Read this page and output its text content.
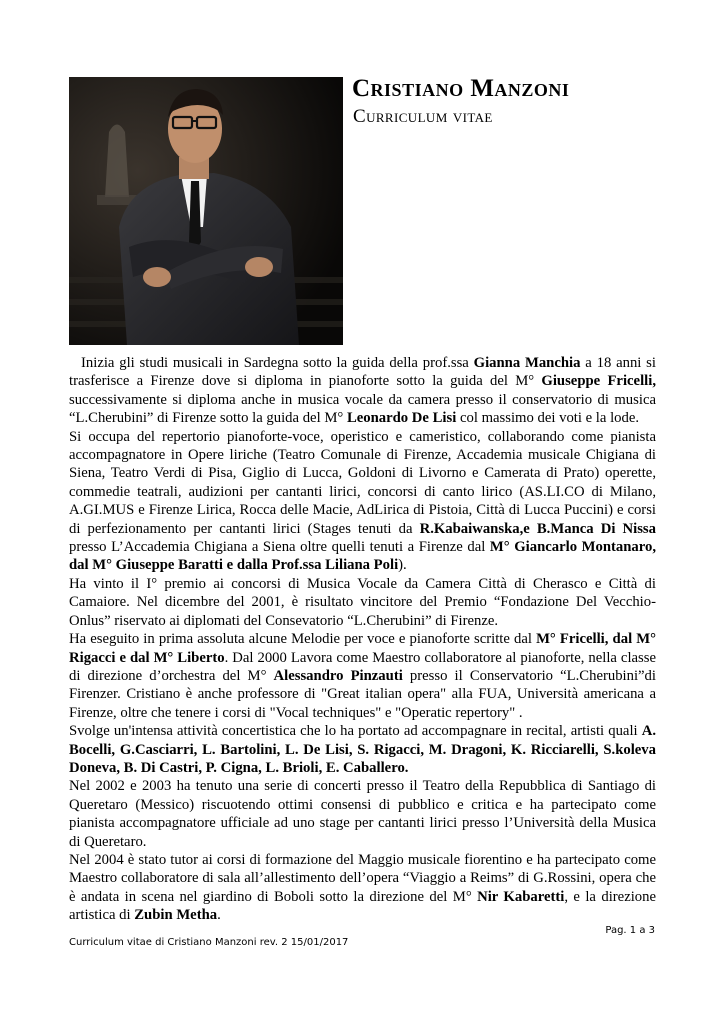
Cristiano Manzoni
Curriculum vitae

Inizia gli studi musicali in Sardegna sotto la guida della prof.ssa Gianna Manchia a 18 anni si trasferisce a Firenze dove si diploma in pianoforte sotto la guida del M° Giuseppe Fricelli, successivamente si diploma anche in musica vocale da camera presso il conservatorio di musica “L.Cherubini” di Firenze sotto la guida del M° Leonardo De Lisi col massimo dei voti e la lode.

Si occupa del repertorio pianoforte-voce, operistico e cameristico, collaborando come pianista accompagnatore in Opere liriche (Teatro Comunale di Firenze, Accademia musicale Chigiana di Siena, Teatro Verdi di Pisa, Giglio di Lucca, Goldoni di Livorno e Camerata di Prato) operette, commedie teatrali, audizioni per cantanti lirici, concorsi di canto lirico (AS.LI.CO di Milano, A.GI.MUS e Firenze Lirica, Rocca delle Macie, AdLirica di Pistoia, Città di Lucca Puccini) e corsi di perfezionamento per cantanti lirici (Stages tenuti da R.Kabaiwanska,e B.Manca Di Nissa presso L’Accademia Chigiana a Siena oltre quelli tenuti a Firenze dal M° Giancarlo Montanaro, dal M° Giuseppe Baratti e dalla Prof.ssa Liliana Poli).

Ha vinto il I° premio ai concorsi di Musica Vocale da Camera Città di Cherasco e Città di Camaiore. Nel dicembre del 2001, è risultato vincitore del Premio “Fondazione Del Vecchio-Onlus” riservato ai diplomati del Consevatorio “L.Cherubini” di Firenze.

Ha eseguito in prima assoluta alcune Melodie per voce e pianoforte scritte dal M° Fricelli, dal M° Rigacci e dal M° Liberto. Dal 2000 Lavora come Maestro collaboratore al pianoforte, nella classe di direzione d’orchestra del M° Alessandro Pinzauti presso il Conservatorio “L.Cherubini”di Firenzer. Cristiano è anche professore di "Great italian opera" alla FUA, Università americana a Firenze, oltre che tenere i corsi di "Vocal techniques" e "Operatic repertory" .

Svolge un'intensa attività concertistica che lo ha portato ad accompagnare in recital, artisti quali A. Bocelli, G.Casciarri, L. Bartolini, L. De Lisi, S. Rigacci, M. Dragoni, K. Ricciarelli, S.koleva Doneva, B. Di Castri, P. Cigna, L. Brioli, E. Caballero.

Nel 2002 e 2003 ha tenuto una serie di concerti presso il Teatro della Repubblica di Santiago di Queretaro (Messico) riscuotendo ottimi consensi di pubblico e critica e ha partecipato come pianista accompagnatore ufficiale ad uno stage per cantanti lirici presso l’Università della Musica di Queretaro.

Nel 2004 è stato tutor ai corsi di formazione del Maggio musicale fiorentino e ha partecipato come Maestro collaboratore di sala all’allestimento dell’opera “Viaggio a Reims” di G.Rossini, opera che è andata in scena nel giardino di Boboli sotto la direzione del M° Nir Kabaretti, e la direzione artistica di Zubin Metha.

Pag. 1 a 3
Curriculum vitae di Cristiano Manzoni rev. 2 15/01/2017
